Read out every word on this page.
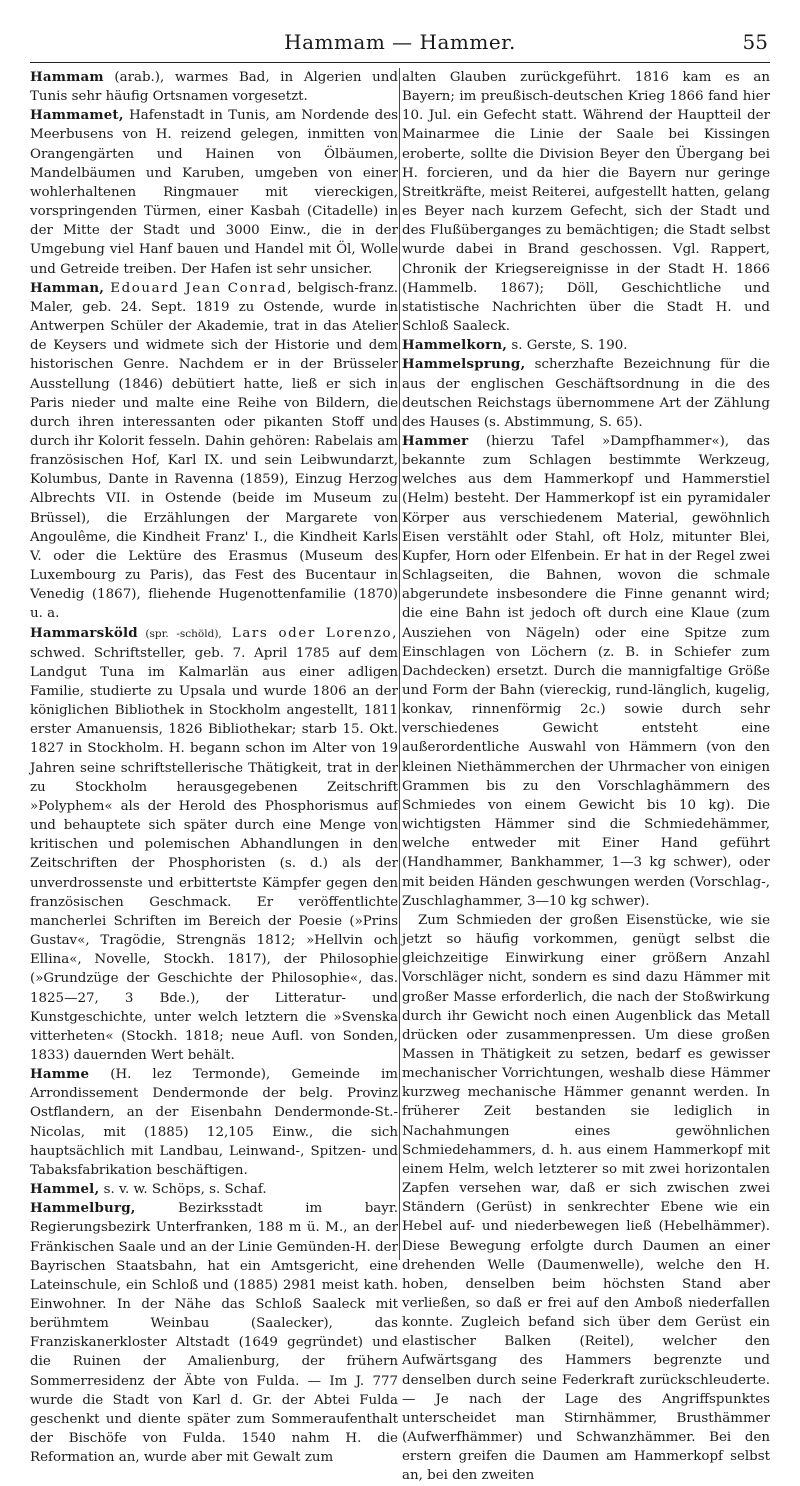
Hammam — Hammer.	55

Hammam (arab.), warmes Bad, in Algerien und Tunis sehr häufig Ortsnamen vorgesetzt.

Hammamet, Hafenstadt in Tunis, am Nordende des Meerbusens von H. reizend gelegen, inmitten von Orangengärten und Hainen von Ölbäumen, Mandelbäumen und Karuben, umgeben von einer wohlerhaltenen Ringmauer mit viereckigen, vorspringenden Türmen, einer Kasbah (Citadelle) in der Mitte der Stadt und 3000 Einw., die in der Umgebung viel Hanf bauen und Handel mit Öl, Wolle und Getreide treiben. Der Hafen ist sehr unsicher.

Hamman, Edouard Jean Conrad, belgisch-franz. Maler, geb. 24. Sept. 1819 zu Ostende, wurde in Antwerpen Schüler der Akademie, trat in das Atelier de Keysers und widmete sich der Historie und dem historischen Genre. Nachdem er in der Brüsseler Ausstellung (1846) debütiert hatte, ließ er sich in Paris nieder und malte eine Reihe von Bildern, die durch ihren interessanten oder pikanten Stoff und durch ihr Kolorit fesseln. Dahin gehören: Rabelais am französischen Hof, Karl IX. und sein Leibwundarzt, Kolumbus, Dante in Ravenna (1859), Einzug Herzog Albrechts VII. in Ostende (beide im Museum zu Brüssel), die Erzählungen der Margarete von Angoulême, die Kindheit Franz' I., die Kindheit Karls V. oder die Lektüre des Erasmus (Museum des Luxembourg zu Paris), das Fest des Bucentaur in Venedig (1867), fliehende Hugenottenfamilie (1870) u. a.

Hammarsköld (spr. -schöld), Lars oder Lorenzo, schwed. Schriftsteller, geb. 7. April 1785 auf dem Landgut Tuna im Kalmarlän aus einer adligen Familie, studierte zu Upsala und wurde 1806 an der königlichen Bibliothek in Stockholm angestellt, 1811 erster Amanuensis, 1826 Bibliothekar; starb 15. Okt. 1827 in Stockholm. H. begann schon im Alter von 19 Jahren seine schriftstellerische Thätigkeit, trat in der zu Stockholm herausgegebenen Zeitschrift »Polyphem« als der Herold des Phosphorismus auf und behauptete sich später durch eine Menge von kritischen und polemischen Abhandlungen in den Zeitschriften der Phosphoristen (s. d.) als der unverdrossenste und erbittertste Kämpfer gegen den französischen Geschmack. Er veröffentlichte mancherlei Schriften im Bereich der Poesie (»Prins Gustav«, Tragödie, Strengnäs 1812; »Hellvin och Ellina«, Novelle, Stockh. 1817), der Philosophie (»Grundzüge der Geschichte der Philosophie«, das. 1825—27, 3 Bde.), der Litteratur- und Kunstgeschichte, unter welch letztern die »Svenska vitterheten« (Stockh. 1818; neue Aufl. von Sonden, 1833) dauernden Wert behält.

Hamme (H. lez Termonde), Gemeinde im Arrondissement Dendermonde der belg. Provinz Ostflandern, an der Eisenbahn Dendermonde-St.-Nicolas, mit (1885) 12,105 Einw., die sich hauptsächlich mit Landbau, Leinwand-, Spitzen- und Tabaksfabrikation beschäftigen.

Hammel, s. v. w. Schöps, s. Schaf.

Hammelburg, Bezirksstadt im bayr. Regierungsbezirk Unterfranken, 188 m ü. M., an der Fränkischen Saale und an der Linie Gemünden-H. der Bayrischen Staatsbahn, hat ein Amtsgericht, eine Lateinschule, ein Schloß und (1885) 2981 meist kath. Einwohner. In der Nähe das Schloß Saaleck mit berühmtem Weinbau (Saalecker), das Franziskanerkloster Altstadt (1649 gegründet) und die Ruinen der Amalienburg, der frühern Sommerresidenz der Äbte von Fulda. — Im J. 777 wurde die Stadt von Karl d. Gr. der Abtei Fulda geschenkt und diente später zum Sommeraufenthalt der Bischöfe von Fulda. 1540 nahm H. die Reformation an, wurde aber mit Gewalt zum

alten Glauben zurückgeführt. 1816 kam es an Bayern; im preußisch-deutschen Krieg 1866 fand hier 10. Jul. ein Gefecht statt. Während der Hauptteil der Mainarmee die Linie der Saale bei Kissingen eroberte, sollte die Division Beyer den Übergang bei H. forcieren, und da hier die Bayern nur geringe Streitkräfte, meist Reiterei, aufgestellt hatten, gelang es Beyer nach kurzem Gefecht, sich der Stadt und des Flußüberganges zu bemächtigen; die Stadt selbst wurde dabei in Brand geschossen. Vgl. Rappert, Chronik der Kriegsereignisse in der Stadt H. 1866 (Hammelb. 1867); Döll, Geschichtliche und statistische Nachrichten über die Stadt H. und Schloß Saaleck.

Hammelkorn, s. Gerste, S. 190.

Hammelsprung, scherzhafte Bezeichnung für die aus der englischen Geschäftsordnung in die des deutschen Reichstags übernommene Art der Zählung des Hauses (s. Abstimmung, S. 65).

Hammer (hierzu Tafel »Dampfhammer«), das bekannte zum Schlagen bestimmte Werkzeug, welches aus dem Hammerkopf und Hammerstiel (Helm) besteht. Der Hammerkopf ist ein pyramidaler Körper aus verschiedenem Material, gewöhnlich Eisen verstählt oder Stahl, oft Holz, mitunter Blei, Kupfer, Horn oder Elfenbein. Er hat in der Regel zwei Schlagseiten, die Bahnen, wovon die schmale abgerundete insbesondere die Finne genannt wird; die eine Bahn ist jedoch oft durch eine Klaue (zum Ausziehen von Nägeln) oder eine Spitze zum Einschlagen von Löchern (z. B. in Schiefer zum Dachdecken) ersetzt. Durch die mannigfaltige Größe und Form der Bahn (viereckig, rund-länglich, kugelig, konkav, rinnenförmig 2c.) sowie durch sehr verschiedenes Gewicht entsteht eine außerordentliche Auswahl von Hämmern (von den kleinen Niethämmerchen der Uhrmacher von einigen Grammen bis zu den Vorschlaghämmern des Schmiedes von einem Gewicht bis 10 kg). Die wichtigsten Hämmer sind die Schmiedehämmer, welche entweder mit Einer Hand geführt (Handhammer, Bankhammer, 1—3 kg schwer), oder mit beiden Händen geschwungen werden (Vorschlag-, Zuschlaghammer, 3—10 kg schwer).

Zum Schmieden der großen Eisenstücke, wie sie jetzt so häufig vorkommen, genügt selbst die gleichzeitige Einwirkung einer größern Anzahl Vorschläger nicht, sondern es sind dazu Hämmer mit großer Masse erforderlich, die nach der Stoßwirkung durch ihr Gewicht noch einen Augenblick das Metall drücken oder zusammenpressen. Um diese großen Massen in Thätigkeit zu setzen, bedarf es gewisser mechanischer Vorrichtungen, weshalb diese Hämmer kurzweg mechanische Hämmer genannt werden. In früherer Zeit bestanden sie lediglich in Nachahmungen eines gewöhnlichen Schmiedehammers, d. h. aus einem Hammerkopf mit einem Helm, welch letzterer so mit zwei horizontalen Zapfen versehen war, daß er sich zwischen zwei Ständern (Gerüst) in senkrechter Ebene wie ein Hebel auf- und niederbewegen ließ (Hebelhämmer). Diese Bewegung erfolgte durch Daumen an einer drehenden Welle (Daumenwelle), welche den H. hoben, denselben beim höchsten Stand aber verließen, so daß er frei auf den Amboß niederfallen konnte. Zugleich befand sich über dem Gerüst ein elastischer Balken (Reitel), welcher den Aufwärtsgang des Hammers begrenzte und denselben durch seine Federkraft zurückschleuderte. — Je nach der Lage des Angriffspunktes unterscheidet man Stirnhämmer, Brusthämmer (Aufwerfhämmer) und Schwanzhämmer. Bei den erstern greifen die Daumen am Hammerkopf selbst an, bei den zweiten
